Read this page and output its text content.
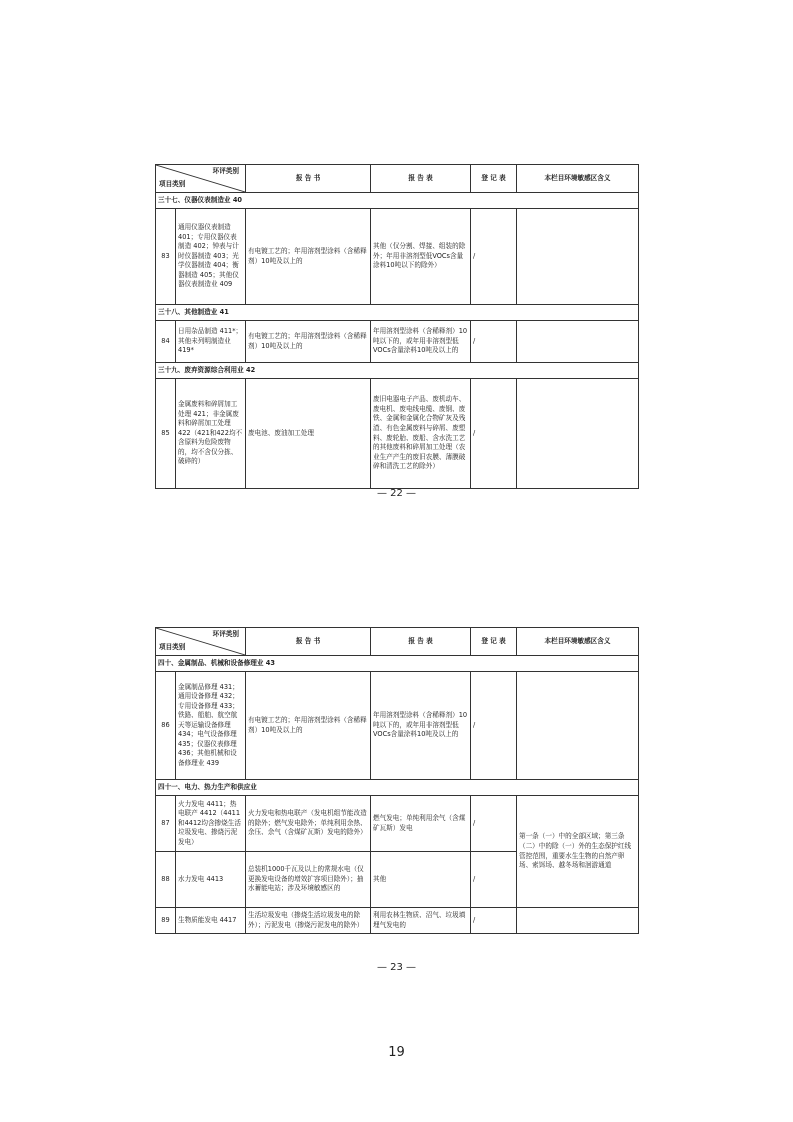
环评类别
项目类别		报 告 书	报 告 表	登 记 表	本栏目环境敏感区含义
三十七、仪器仪表制造业 40					
83	通用仪器仪表制造 401；专用仪器仪表制造 402；钟表与计时仪器制造 403；光学仪器制造 404；衡器制造 405；其他仪器仪表制造业 409	有电镀工艺的；年用溶剂型涂料（含稀释剂）10吨及以上的	其他（仅分割、焊接、组装的除外；年用非溶剂型低VOCs含量涂料10吨以下的除外）	/	
三十八、其他制造业 41					
84	日用杂品制造 411*；其他未列明制造业 419*	有电镀工艺的；年用溶剂型涂料（含稀释剂）10吨及以上的	年用溶剂型涂料（含稀释剂）10吨以下的，或年用非溶剂型低VOCs含量涂料10吨及以上的	/	
三十九、废弃资源综合利用业 42					
85	金属废料和碎屑加工处理 421；非金属废料和碎屑加工处理 422（421和422均不含原料为危险废物的，均不含仅分拣、破碎的）	废电池、废油加工处理	废旧电器电子产品、废机动车、废电机、废电线电缆、废钢、废铁、金属和金属化合物矿灰及残渣、有色金属废料与碎屑、废塑料、废轮胎、废船、含水洗工艺的其他废料和碎屑加工处理（农业生产产生的废旧农膜、薄膜破碎和清洗工艺的除外）	/	
— 22 —
环评类别
项目类别		报 告 书	报 告 表	登 记 表	本栏目环境敏感区含义
四十、金属制品、机械和设备修理业 43					
86	金属制品修理 431；通用设备修理 432；专用设备修理 433；铁路、船舶、航空航天等运输设备修理 434；电气设备修理 435；仪器仪表修理 436；其他机械和设备修理业 439	有电镀工艺的；年用溶剂型涂料（含稀释剂）10吨及以上的	年用溶剂型涂料（含稀释剂）10吨以下的，或年用非溶剂型低VOCs含量涂料10吨及以上的	/	
四十一、电力、热力生产和供应业					
87	火力发电 4411；热电联产 4412（4411和4412均含掺烧生活垃圾发电、掺烧污泥发电）	火力发电和热电联产（发电机组节能改造的除外；燃气发电除外；单纯利用余热、余压、余气（含煤矿瓦斯）发电的除外）	燃气发电；单纯利用余气（含煤矿瓦斯）发电	/	第一条（一）中的全部区域；第三条（二）中的除（一）外的生态保护红线管控范围，重要水生生物的自然产卵场、索饵场、越冬场和洄游通道
88	水力发电 4413	总装机1000千瓦及以上的常规水电（仅更换发电设备的增效扩容项目除外）；抽水蓄能电站；涉及环境敏感区的	其他	/	
89	生物质能发电 4417	生活垃圾发电（掺烧生活垃圾发电的除外）；污泥发电（掺烧污泥发电的除外）	利用农林生物质、沼气、垃圾填埋气发电的	/	
— 23 —
19
